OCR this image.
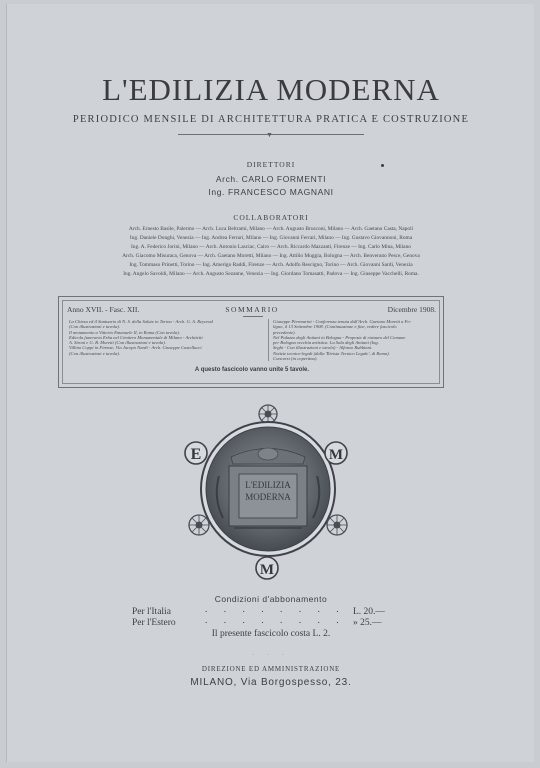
L'EDILIZIA MODERNA
PERIODICO MENSILE DI ARCHITETTURA PRATICA E COSTRUZIONE
▼
DIRETTORI
Arch. CARLO FORMENTI
Ing. FRANCESCO MAGNANI
COLLABORATORI
Arch. Ernesto Basile, Palermo — Arch. Luca Beltrami, Milano — Arch. Augusto Brusconi, Milano — Arch. Gaetano Casta, Napoli
Ing. Daniele Donghi, Venezia — Ing. Andrea Ferrari, Milano — Ing. Giovanni Ferrari, Milano — Ing. Gustavo Giovannoni, Roma
Ing. A. Federico Jorini, Milano — Arch. Antonio Lasciac, Cairo — Arch. Riccardo Mazzanti, Firenze — Ing. Carlo Mina, Milano
Arch. Giacomo Misuraca, Genova — Arch. Gaetano Moretti, Milano — Ing. Attilio Muggia, Bologna — Arch. Benvenuto Pesce, Genova
Ing. Tommaso Prinetti, Torino — Ing. Amerigo Raddi, Firenze — Arch. Adolfo Rescigno, Torino — Arch. Giovanni Sardi, Venezia
Ing. Angelo Savoldi, Milano — Arch. Augusto Sezanne, Venezia — Ing. Giordano Tomasatti, Padova — Ing. Giuseppe Vacchelli, Roma.
Anno XVII. - Fasc. XII.	SOMMARIO	Dicembre 1908.
La Chiesa ed il Santuario di N. S. della Salute in Torino - Arch. G. A. Reycend
(Con illustrazioni e tavola).
Il monumento a Vittorio Emanuele II, in Roma (Con tavola).
Edicola funeraria Erba nel Cimitero Monumentale di Milano - Architetti
A. Sironi e G. B. Moretti (Con illustrazioni e tavola).
Villino Coppi in Firenze, Via Jacopo Nardi - Arch. Giuseppe Castellucci
(Con illustrazioni e tavola).
Giuseppe Piermarini - Conferenza tenuta dall'Arch. Gaetano Moretti a Fo-
ligno, il 13 Settembre 1908. (Continuazione e fine, vedere fascicolo
precedente).
Nel Palazzo degli Antiani in Bologna - Proposte di ristauro del Comune
per Bologna vecchia artistica. La Sala degli Antiani (Ing.
Seghi - Con illustrazioni e tavola) - Alfonso Rubbiani.
Notizie tecnico-legali (dalla 'Rivista Tecnico Legale', di Roma).
Concorsi (in copertina).
A questo fascicolo vanno unite 5 tavole.
L'EDILIZIA
MODERNA
E	M
M
Condizioni d'abbonamento
Per l'Italia	. . . . . . . . L. 20.—
Per l'Estero	. . . . . . . . » 25.—
Il presente fascicolo costa L. 2.
· · ·
DIREZIONE ED AMMINISTRAZIONE
MILANO, Via Borgospesso, 23.
